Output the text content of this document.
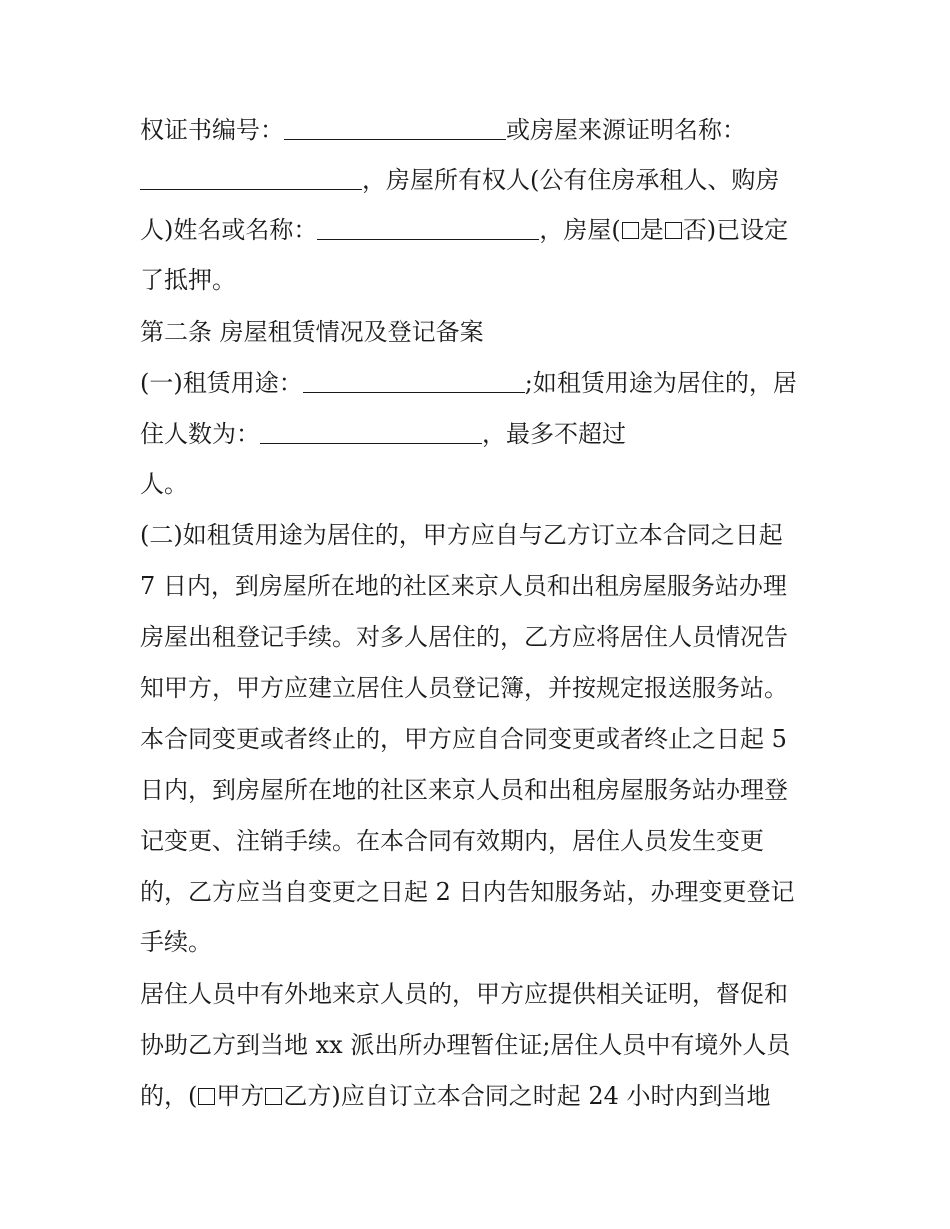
权证书编号：	或房屋来源证明名称：
，房屋所有权人(公有住房承租人、购房
人)姓名或名称：	，房屋( 是 否)已设定
了抵押。
第二条 房屋租赁情况及登记备案
(一)租赁用途：	;如租赁用途为居住的，居
住人数为：	，最多不超过
人。
(二)如租赁用途为居住的，甲方应自与乙方订立本合同之日起
7 日内，到房屋所在地的社区来京人员和出租房屋服务站办理
房屋出租登记手续。对多人居住的，乙方应将居住人员情况告
知甲方，甲方应建立居住人员登记簿，并按规定报送服务站。
本合同变更或者终止的，甲方应自合同变更或者终止之日起 5
日内，到房屋所在地的社区来京人员和出租房屋服务站办理登
记变更、注销手续。在本合同有效期内，居住人员发生变更
的，乙方应当自变更之日起 2 日内告知服务站，办理变更登记
手续。
居住人员中有外地来京人员的，甲方应提供相关证明，督促和
协助乙方到当地 xx 派出所办理暂住证;居住人员中有境外人员
的，( 甲方 乙方)应自订立本合同之时起 24 小时内到当地
